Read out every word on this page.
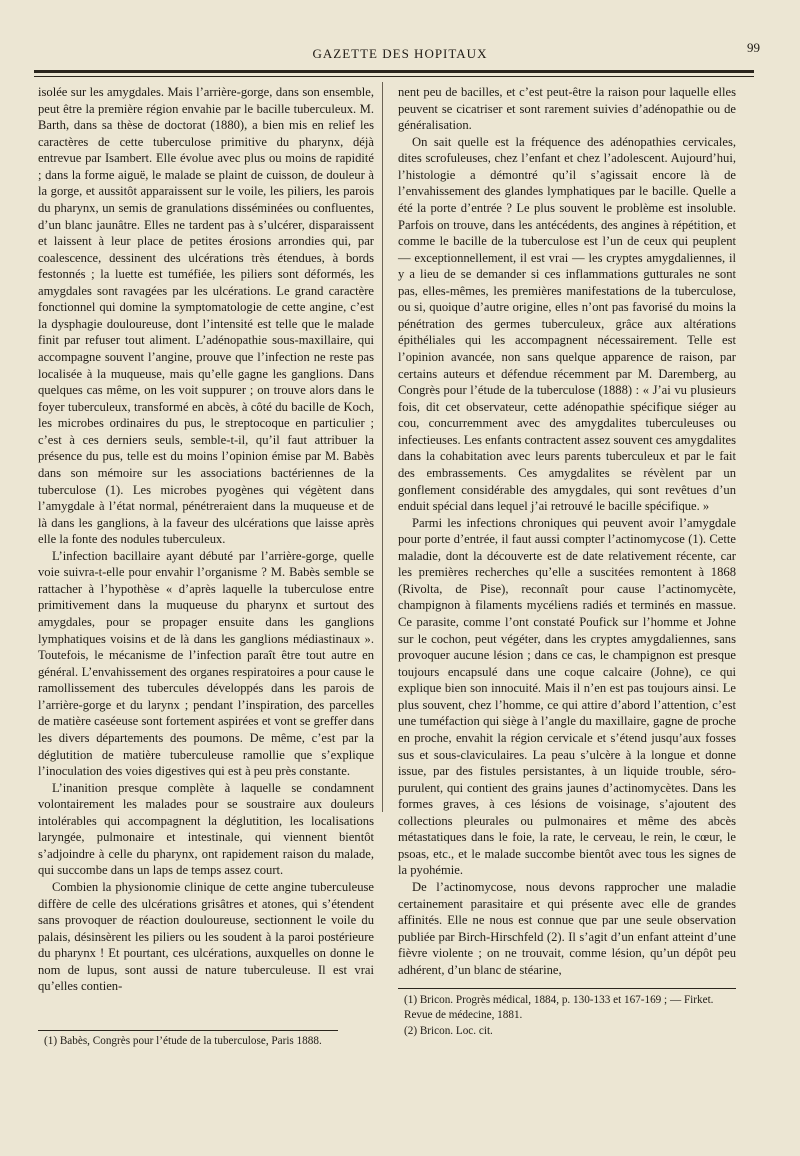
GAZETTE DES HOPITAUX	99

isolée sur les amygdales. Mais l’arrière-gorge, dans son ensemble, peut être la première région envahie par le bacille tuberculeux. M. Barth, dans sa thèse de doctorat (1880), a bien mis en relief les caractères de cette tuberculose primitive du pharynx, déjà entrevue par Isambert. Elle évolue avec plus ou moins de rapidité ; dans la forme aiguë, le malade se plaint de cuisson, de douleur à la gorge, et aussitôt apparaissent sur le voile, les piliers, les parois du pharynx, un semis de granulations disséminées ou confluentes, d’un blanc jaunâtre. Elles ne tardent pas à s’ulcérer, disparaissent et laissent à leur place de petites érosions arrondies qui, par coalescence, dessinent des ulcérations très étendues, à bords festonnés ; la luette est tuméfiée, les piliers sont déformés, les amygdales sont ravagées par les ulcérations. Le grand caractère fonctionnel qui domine la symptomatologie de cette angine, c’est la dysphagie douloureuse, dont l’intensité est telle que le malade finit par refuser tout aliment. L’adénopathie sous-maxillaire, qui accompagne souvent l’angine, prouve que l’infection ne reste pas localisée à la muqueuse, mais qu’elle gagne les ganglions. Dans quelques cas même, on les voit suppurer ; on trouve alors dans le foyer tuberculeux, transformé en abcès, à côté du bacille de Koch, les microbes ordinaires du pus, le streptocoque en particulier ; c’est à ces derniers seuls, semble-t-il, qu’il faut attribuer la présence du pus, telle est du moins l’opinion émise par M. Babès dans son mémoire sur les associations bactériennes de la tuberculose (1). Les microbes pyogènes qui végètent dans l’amygdale à l’état normal, pénétreraient dans la muqueuse et de là dans les ganglions, à la faveur des ulcérations que laisse après elle la fonte des nodules tuberculeux.

L’infection bacillaire ayant débuté par l’arrière-gorge, quelle voie suivra-t-elle pour envahir l’organisme ? M. Babès semble se rattacher à l’hypothèse « d’après laquelle la tuberculose entre primitivement dans la muqueuse du pharynx et surtout des amygdales, pour se propager ensuite dans les ganglions lymphatiques voisins et de là dans les ganglions médiastinaux ». Toutefois, le mécanisme de l’infection paraît être tout autre en général. L’envahissement des organes respiratoires a pour cause le ramollissement des tubercules développés dans les parois de l’arrière-gorge et du larynx ; pendant l’inspiration, des parcelles de matière caséeuse sont fortement aspirées et vont se greffer dans les divers départements des poumons. De même, c’est par la déglutition de matière tuberculeuse ramollie que s’explique l’inoculation des voies digestives qui est à peu près constante.

L’inanition presque complète à laquelle se condamnent volontairement les malades pour se soustraire aux douleurs intolérables qui accompagnent la déglutition, les localisations laryngée, pulmonaire et intestinale, qui viennent bientôt s’adjoindre à celle du pharynx, ont rapidement raison du malade, qui succombe dans un laps de temps assez court.

Combien la physionomie clinique de cette angine tuberculeuse diffère de celle des ulcérations grisâtres et atones, qui s’étendent sans provoquer de réaction douloureuse, sectionnent le voile du palais, désinsèrent les piliers ou les soudent à la paroi postérieure du pharynx ! Et pourtant, ces ulcérations, auxquelles on donne le nom de lupus, sont aussi de nature tuberculeuse. Il est vrai qu’elles contien-

nent peu de bacilles, et c’est peut-être la raison pour laquelle elles peuvent se cicatriser et sont rarement suivies d’adénopathie ou de généralisation.

On sait quelle est la fréquence des adénopathies cervicales, dites scrofuleuses, chez l’enfant et chez l’adolescent. Aujourd’hui, l’histologie a démontré qu’il s’agissait encore là de l’envahissement des glandes lymphatiques par le bacille. Quelle a été la porte d’entrée ? Le plus souvent le problème est insoluble. Parfois on trouve, dans les antécédents, des angines à répétition, et comme le bacille de la tuberculose est l’un de ceux qui peuplent — exceptionnellement, il est vrai — les cryptes amygdaliennes, il y a lieu de se demander si ces inflammations gutturales ne sont pas, elles-mêmes, les premières manifestations de la tuberculose, ou si, quoique d’autre origine, elles n’ont pas favorisé du moins la pénétration des germes tuberculeux, grâce aux altérations épithéliales qui les accompagnent nécessairement. Telle est l’opinion avancée, non sans quelque apparence de raison, par certains auteurs et défendue récemment par M. Daremberg, au Congrès pour l’étude de la tuberculose (1888) : « J’ai vu plusieurs fois, dit cet observateur, cette adénopathie spécifique siéger au cou, concurremment avec des amygdalites tuberculeuses ou infectieuses. Les enfants contractent assez souvent ces amygdalites dans la cohabitation avec leurs parents tuberculeux et par le fait des embrassements. Ces amygdalites se révèlent par un gonflement considérable des amygdales, qui sont revêtues d’un enduit spécial dans lequel j’ai retrouvé le bacille spécifique. »

Parmi les infections chroniques qui peuvent avoir l’amygdale pour porte d’entrée, il faut aussi compter l’actinomycose (1). Cette maladie, dont la découverte est de date relativement récente, car les premières recherches qu’elle a suscitées remontent à 1868 (Rivolta, de Pise), reconnaît pour cause l’actinomycète, champignon à filaments mycéliens radiés et terminés en massue. Ce parasite, comme l’ont constaté Poufick sur l’homme et Johne sur le cochon, peut végéter, dans les cryptes amygdaliennes, sans provoquer aucune lésion ; dans ce cas, le champignon est presque toujours encapsulé dans une coque calcaire (Johne), ce qui explique bien son innocuité. Mais il n’en est pas toujours ainsi. Le plus souvent, chez l’homme, ce qui attire d’abord l’attention, c’est une tuméfaction qui siège à l’angle du maxillaire, gagne de proche en proche, envahit la région cervicale et s’étend jusqu’aux fosses sus et sous-claviculaires. La peau s’ulcère à la longue et donne issue, par des fistules persistantes, à un liquide trouble, séro-purulent, qui contient des grains jaunes d’actinomycètes. Dans les formes graves, à ces lésions de voisinage, s’ajoutent des collections pleurales ou pulmonaires et même des abcès métastatiques dans le foie, la rate, le cerveau, le rein, le cœur, le psoas, etc., et le malade succombe bientôt avec tous les signes de la pyohémie.

De l’actinomycose, nous devons rapprocher une maladie certainement parasitaire et qui présente avec elle de grandes affinités. Elle ne nous est connue que par une seule observation publiée par Birch-Hirschfeld (2). Il s’agit d’un enfant atteint d’une fièvre violente ; on ne trouvait, comme lésion, qu’un dépôt peu adhérent, d’un blanc de stéarine,

(1) Babès, Congrès pour l’étude de la tuberculose, Paris 1888.
(1) Bricon. Progrès médical, 1884, p. 130-133 et 167-169 ; — Firket. Revue de médecine, 1881.
(2) Bricon. Loc. cit.
